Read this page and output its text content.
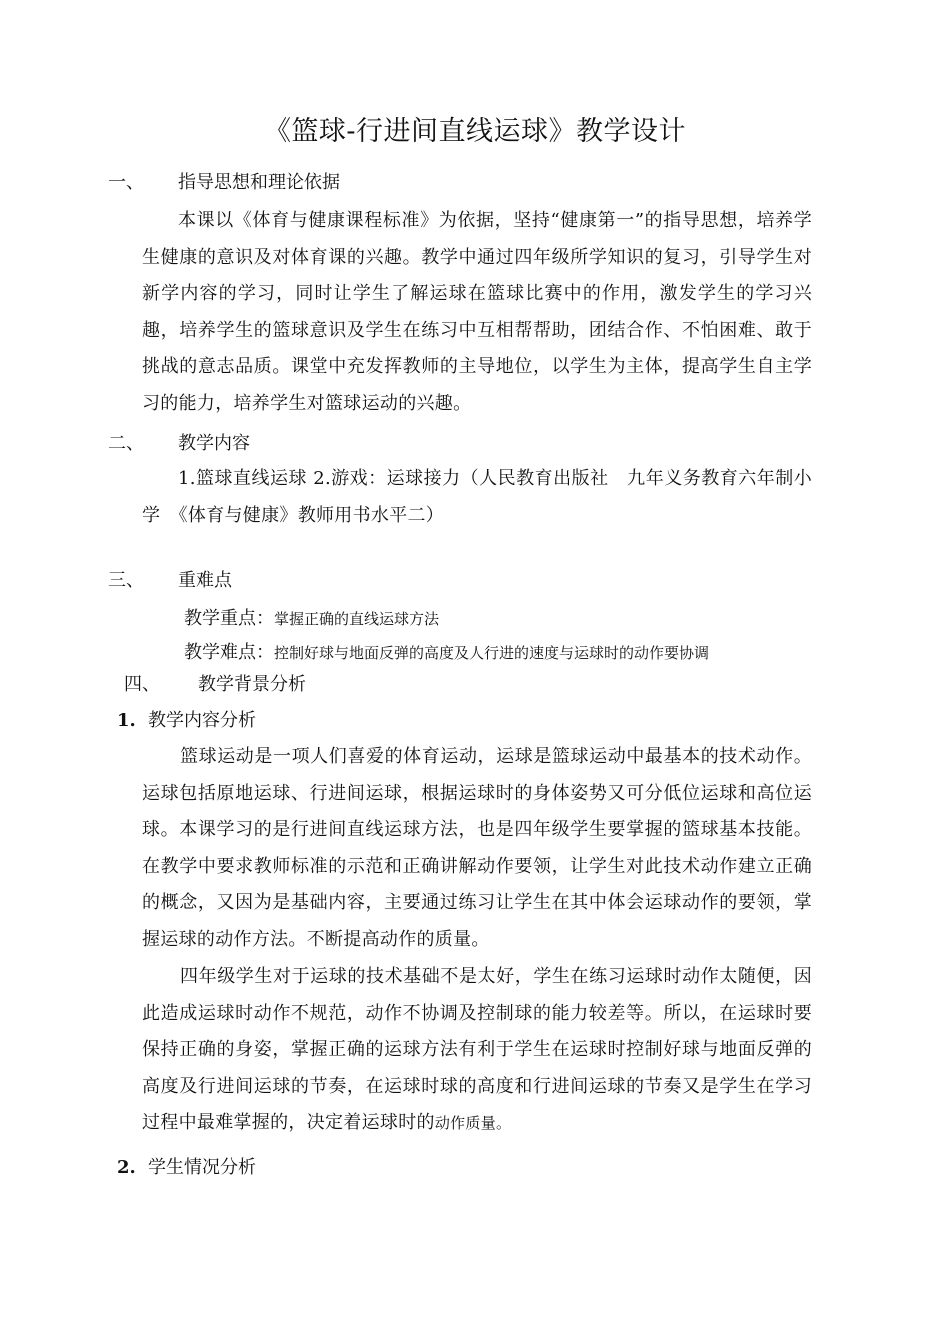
《篮球-行进间直线运球》教学设计
一、 指导思想和理论依据
本课以《体育与健康课程标准》为依据，坚持“健康第一”的指导思想，培养学生健康的意识及对体育课的兴趣。教学中通过四年级所学知识的复习，引导学生对新学内容的学习，同时让学生了解运球在篮球比赛中的作用，激发学生的学习兴趣，培养学生的篮球意识及学生在练习中互相帮帮助，团结合作、不怕困难、敢于挑战的意志品质。课堂中充发挥教师的主导地位，以学生为主体，提高学生自主学习的能力，培养学生对篮球运动的兴趣。
二、 教学内容
1.篮球直线运球 2.游戏：运球接力（人民教育出版社　九年义务教育六年制小学　《体育与健康》教师用书水平二）
三、 重难点
教学重点：掌握正确的直线运球方法
教学难点：控制好球与地面反弹的高度及人行进的速度与运球时的动作要协调
四、 教学背景分析
1. 教学内容分析
篮球运动是一项人们喜爱的体育运动，运球是篮球运动中最基本的技术动作。运球包括原地运球、行进间运球，根据运球时的身体姿势又可分低位运球和高位运球。本课学习的是行进间直线运球方法，也是四年级学生要掌握的篮球基本技能。在教学中要求教师标准的示范和正确讲解动作要领，让学生对此技术动作建立正确的概念，又因为是基础内容，主要通过练习让学生在其中体会运球动作的要领，掌握运球的动作方法。不断提高动作的质量。
四年级学生对于运球的技术基础不是太好，学生在练习运球时动作太随便，因此造成运球时动作不规范，动作不协调及控制球的能力较差等。所以，在运球时要保持正确的身姿，掌握正确的运球方法有利于学生在运球时控制好球与地面反弹的高度及行进间运球的节奏，在运球时球的高度和行进间运球的节奏又是学生在学习过程中最难掌握的，决定着运球时的动作质量。
2. 学生情况分析
